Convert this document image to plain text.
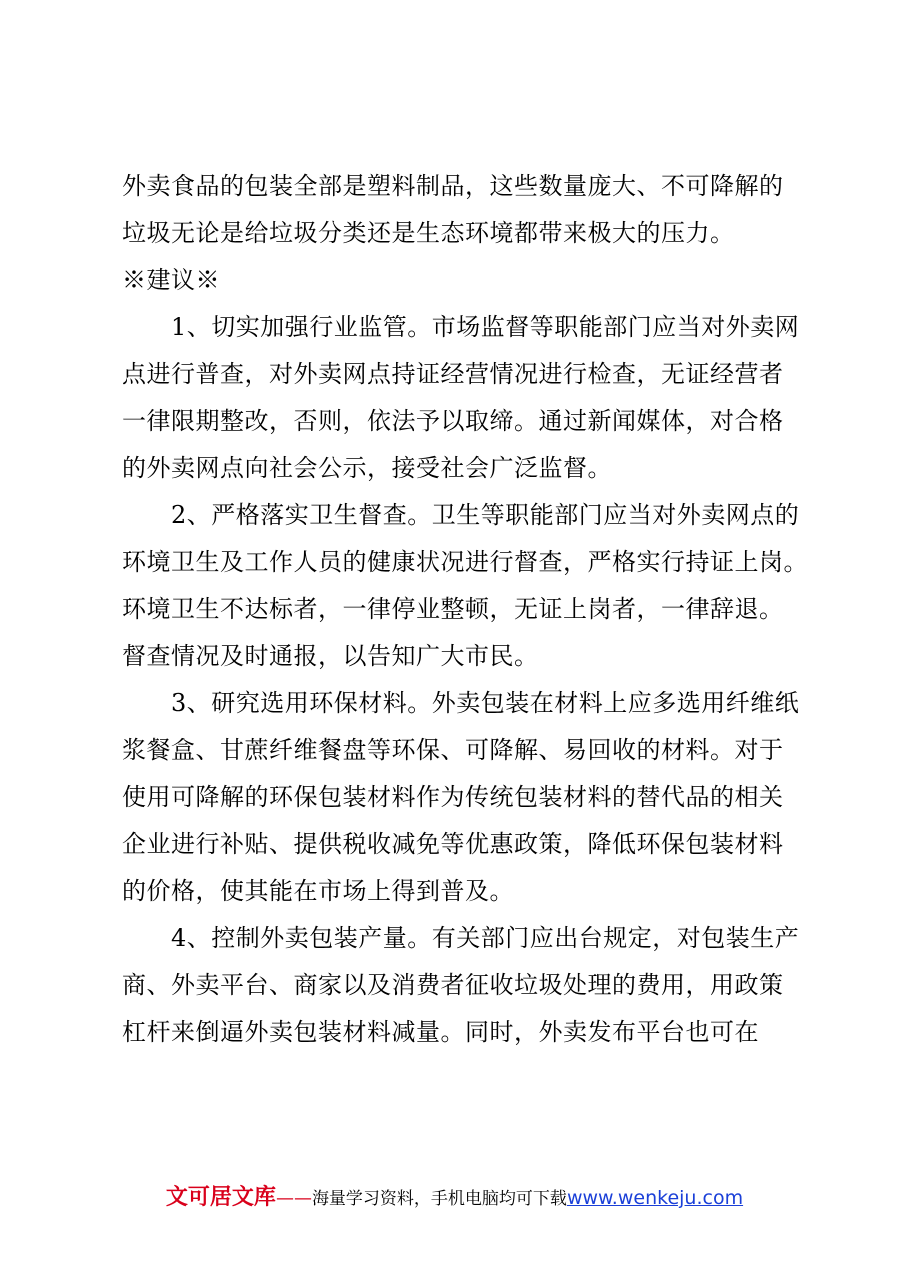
外卖食品的包装全部是塑料制品，这些数量庞大、不可降解的
垃圾无论是给垃圾分类还是生态环境都带来极大的压力。
※建议※
　　1、切实加强行业监管。市场监督等职能部门应当对外卖网
点进行普查，对外卖网点持证经营情况进行检查，无证经营者
一律限期整改，否则，依法予以取缔。通过新闻媒体，对合格
的外卖网点向社会公示，接受社会广泛监督。
　　2、严格落实卫生督查。卫生等职能部门应当对外卖网点的
环境卫生及工作人员的健康状况进行督查，严格实行持证上岗。
环境卫生不达标者，一律停业整顿，无证上岗者，一律辞退。
督查情况及时通报，以告知广大市民。
　　3、研究选用环保材料。外卖包装在材料上应多选用纤维纸
浆餐盒、甘蔗纤维餐盘等环保、可降解、易回收的材料。对于
使用可降解的环保包装材料作为传统包装材料的替代品的相关
企业进行补贴、提供税收减免等优惠政策，降低环保包装材料
的价格，使其能在市场上得到普及。
　　4、控制外卖包装产量。有关部门应出台规定，对包装生产
商、外卖平台、商家以及消费者征收垃圾处理的费用，用政策
杠杆来倒逼外卖包装材料减量。同时，外卖发布平台也可在
文可居文库——海量学习资料，手机电脑均可下载www.wenkeju.com
